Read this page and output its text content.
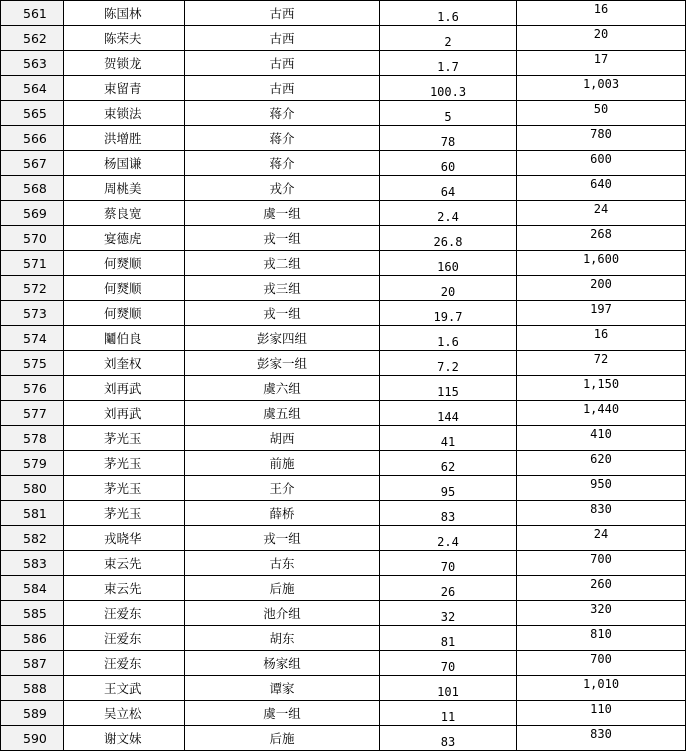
561	陈国林	古西	1.6	16
562	陈荣夫	古西	2	20
563	贺锁龙	古西	1.7	17
564	束留青	古西	100.3	1,003
565	束锁法	蒋介	5	50
566	洪增胜	蒋介	78	780
567	杨国谦	蒋介	60	600
568	周桃美	戎介	64	640
569	蔡良宽	虞一组	2.4	24
570	宴德虎	戎一组	26.8	268
571	何燹顺	戎二组	160	1,600
572	何燹顺	戎三组	20	200
573	何燹顺	戎一组	19.7	197
574	鬮伯良	彭家四组	1.6	16
575	刘奎权	彭家一组	7.2	72
576	刘再武	虞六组	115	1,150
577	刘再武	虞五组	144	1,440
578	茅光玉	胡西	41	410
579	茅光玉	前施	62	620
580	茅光玉	王介	95	950
581	茅光玉	薛桥	83	830
582	戎晓华	戎一组	2.4	24
583	束云先	古东	70	700
584	束云先	后施	26	260
585	汪爱东	池介组	32	320
586	汪爱东	胡东	81	810
587	汪爱东	杨家组	70	700
588	王文武	谭家	101	1,010
589	吴立松	虞一组	11	110
590	谢文妹	后施	83	830
